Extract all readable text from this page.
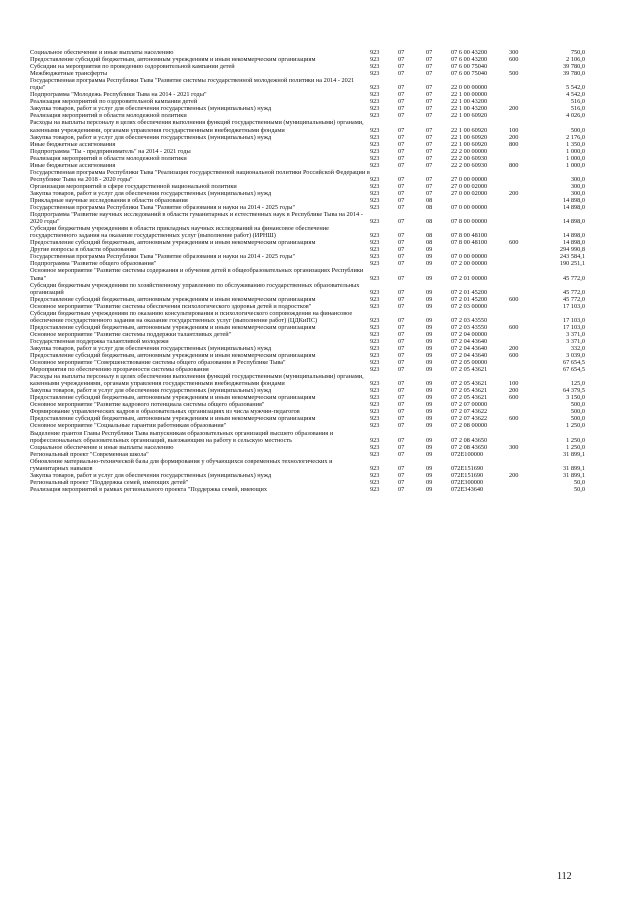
Социальное обеспечение и иные выплаты населению	923	07	07	07 6 00 43200	300	750,0
Предоставление субсидий бюджетным, автономным учреждениям и иным некоммерческим организациям	923	07	07	07 6 00 43200	600	2 106,0
Субсидии на мероприятия по проведению оздоровительной кампании детей	923	07	07	07 6 00 75040		39 780,0
Межбюджетные трансферты	923	07	07	07 6 00 75040	500	39 780,0
Государственная программа Республики Тыва "Развитие системы государственной молодежной политики на 2014 - 2021 годы"	923	07	07	22 0 00 00000		5 542,0
Подпрограмма "Молодежь Республики Тыва на 2014 - 2021 годы"	923	07	07	22 1 00 00000		4 542,0
Реализация мероприятий по оздоровительной кампании детей	923	07	07	22 1 00 43200		516,0
Закупка товаров, работ и услуг для обеспечения государственных (муниципальных) нужд	923	07	07	22 1 00 43200	200	516,0
Реализация мероприятий в области молодежной политики	923	07	07	22 1 00 60920		4 026,0
Расходы на выплаты персоналу в целях обеспечения выполнения функций государственными (муниципальными) органами, казенными учреждениями, органами управления государственными внебюджетными фондами	923	07	07	22 1 00 60920	100	500,0
Закупка товаров, работ и услуг для обеспечения государственных (муниципальных) нужд	923	07	07	22 1 00 60920	200	2 176,0
Иные бюджетные ассигнования	923	07	07	22 1 00 60920	800	1 350,0
Подпрограмма "Ты - предприниматель" на 2014 - 2021 годы	923	07	07	22 2 00 00000		1 000,0
Реализация мероприятий в области молодежной политики	923	07	07	22 2 00 60930		1 000,0
Иные бюджетные ассигнования	923	07	07	22 2 00 60930	800	1 000,0
Государственная программа Республики Тыва "Реализация государственной национальной политики Российской Федерации в Республике Тыва на 2018 - 2020 годы"	923	07	07	27 0 00 00000		300,0
Организация мероприятий в сфере государственной национальной политики	923	07	07	27 0 00 02000		300,0
Закупка товаров, работ и услуг для обеспечения государственных (муниципальных) нужд	923	07	07	27 0 00 02000	200	300,0
Прикладные научные исследования в области образования	923	07	08			14 898,0
Государственная программа Республики Тыва "Развитие образования и науки на 2014 - 2025 годы"	923	07	08	07 0 00 00000		14 898,0
Подпрограмма "Развитие научных исследований в области гуманитарных и естественных наук в Республике Тыва на 2014 - 2020 годы"	923	07	08	07 8 00 00000		14 898,0
Субсидии бюджетным учреждениям в области прикладных научных исследований на финансовое обеспечение государственного задания на оказание государственных услуг (выполнение работ) (ИРНШ)	923	07	08	07 8 00 48100		14 898,0
Предоставление субсидий бюджетным, автономным учреждениям и иным некоммерческим организациям	923	07	08	07 8 00 48100	600	14 898,0
Другие вопросы в области образования	923	07	09			294 990,8
Государственная программа Республики Тыва "Развитие образования и науки на 2014 - 2025 годы"	923	07	09	07 0 00 00000		243 584,1
Подпрограмма "Развитие общего образования"	923	07	09	07 2 00 00000		190 251,1
Основное мероприятие "Развитие системы содержания и обучения детей в общеобразовательных организациях Республики Тыва"	923	07	09	07 2 01 00000		45 772,0
Субсидии бюджетным учреждениям по хозяйственному управлению по обслуживанию государственных образовательных организаций	923	07	09	07 2 01 45200		45 772,0
Предоставление субсидий бюджетным, автономным учреждениям и иным некоммерческим организациям	923	07	09	07 2 01 45200	600	45 772,0
Основное мероприятие "Развитие системы обеспечения психологического здоровья детей и подростков"	923	07	09	07 2 03 00000		17 103,0
Субсидии бюджетным учреждениям по оказанию консультирования и психологического сопровождения на финансовое обеспечение государственного задания на оказание государственных услуг (выполнение работ) (ЦДКиПС)	923	07	09	07 2 03 43550		17 103,0
Предоставление субсидий бюджетным, автономным учреждениям и иным некоммерческим организациям	923	07	09	07 2 03 43550	600	17 103,0
Основное мероприятие "Развитие системы поддержки талантливых детей"	923	07	09	07 2 04 00000		3 371,0
Государственная поддержка талантливой молодежи	923	07	09	07 2 04 43640		3 371,0
Закупка товаров, работ и услуг для обеспечения государственных (муниципальных) нужд	923	07	09	07 2 04 43640	200	332,0
Предоставление субсидий бюджетным, автономным учреждениям и иным некоммерческим организациям	923	07	09	07 2 04 43640	600	3 039,0
Основное мероприятие "Совершенствование системы общего образования в Республике Тыва"	923	07	09	07 2 05 00000		67 654,5
Мероприятия по обеспечению прозрачности системы образования	923	07	09	07 2 05 43621		67 654,5
Расходы на выплаты персоналу в целях обеспечения выполнения функций государственными (муниципальными) органами, казенными учреждениями, органами управления государственными внебюджетными фондами	923	07	09	07 2 05 43621	100	125,0
Закупка товаров, работ и услуг для обеспечения государственных (муниципальных) нужд	923	07	09	07 2 05 43621	200	64 379,5
Предоставление субсидий бюджетным, автономным учреждениям и иным некоммерческим организациям	923	07	09	07 2 05 43621	600	3 150,0
Основное мероприятие "Развитие кадрового потенциала системы общего образования"	923	07	09	07 2 07 00000		500,0
Формирование управленческих кадров в образовательных организациях из числа мужчин-педагогов	923	07	09	07 2 07 43622		500,0
Предоставление субсидий бюджетным, автономным учреждениям и иным некоммерческим организациям	923	07	09	07 2 07 43622	600	500,0
Основное мероприятие "Социальные гарантии работникам образования"	923	07	09	07 2 08 00000		1 250,0
Выделение грантов Главы Республики Тыва выпускникам образовательных организаций высшего образования и профессиональных образовательных организаций, выезжающим на работу в сельскую местность	923	07	09	07 2 08 43650		1 250,0
Социальное обеспечение и иные выплаты населению	923	07	09	07 2 08 43650	300	1 250,0
Региональный проект "Современная школа"	923	07	09	072E100000		31 899,1
Обновление материально-технической базы для формирования у обучающихся современных технологических и гуманитарных навыков	923	07	09	072E151690		31 899,1
Закупка товаров, работ и услуг для обеспечения государственных (муниципальных) нужд	923	07	09	072E151690	200	31 899,1
Региональный проект "Поддержка семей, имеющих детей"	923	07	09	072E300000		50,0
Реализация мероприятий в рамках регионального проекта "Поддержка семей, имеющих	923	07	09	072E343640		50,0
112
